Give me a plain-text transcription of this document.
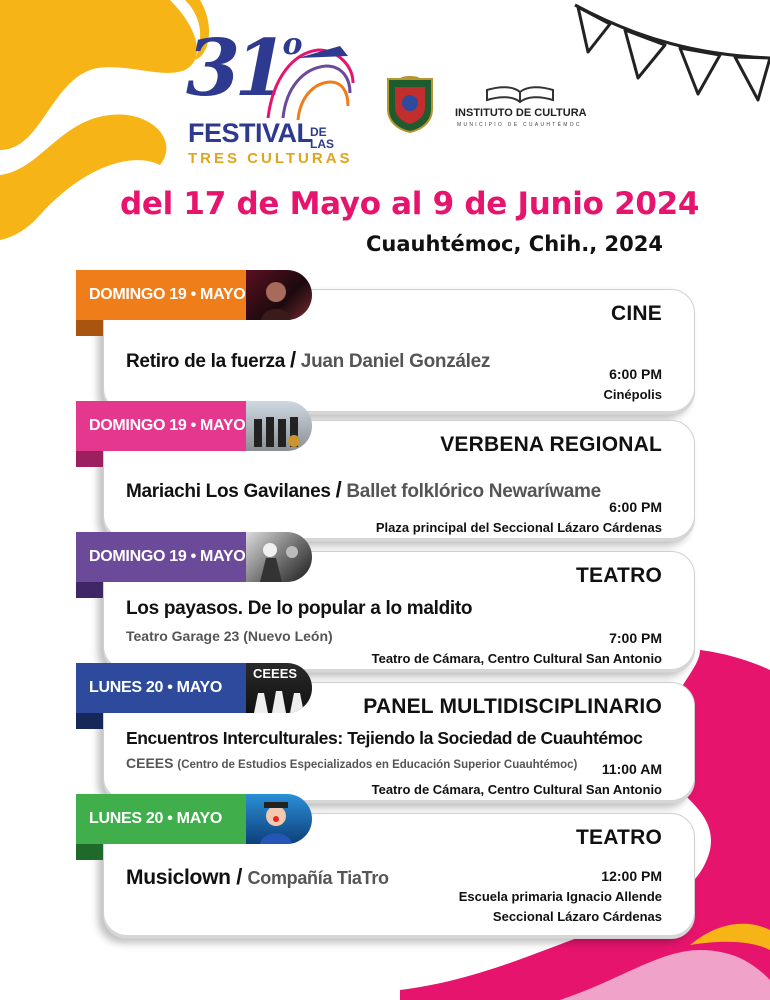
31$^o$
FESTIVAL
DE LAS
TRES CULTURAS
INSTITUTO DE CULTURA
MUNICIPIO DE CUAUHTÉMOC
del 17 de Mayo al 9 de Junio 2024
Cuauhtémoc, Chih., 2024
CINE
Retiro de la fuerza / Juan Daniel González
6:00 PM
Cinépolis
DOMINGO 19 • MAYO
VERBENA REGIONAL
Mariachi Los Gavilanes / Ballet folklórico Newaríwame
6:00 PM
Plaza principal del Seccional Lázaro Cárdenas
DOMINGO 19 • MAYO
TEATRO
Los payasos. De lo popular a lo maldito
Teatro Garage 23 (Nuevo León)	7:00 PM
Teatro de Cámara, Centro Cultural San Antonio
DOMINGO 19 • MAYO
PANEL MULTIDISCIPLINARIO
Encuentros Interculturales: Tejiendo la Sociedad de Cuauhtémoc
CEEES (Centro de Estudios Especializados en Educación Superior Cuauhtémoc) 11:00 AM
Teatro de Cámara, Centro Cultural San Antonio
LUNES 20 • MAYO
CEEES
TEATRO
Musiclown / Compañía TiaTro	12:00 PM
Escuela primaria Ignacio Allende
Seccional Lázaro Cárdenas
LUNES 20 • MAYO
